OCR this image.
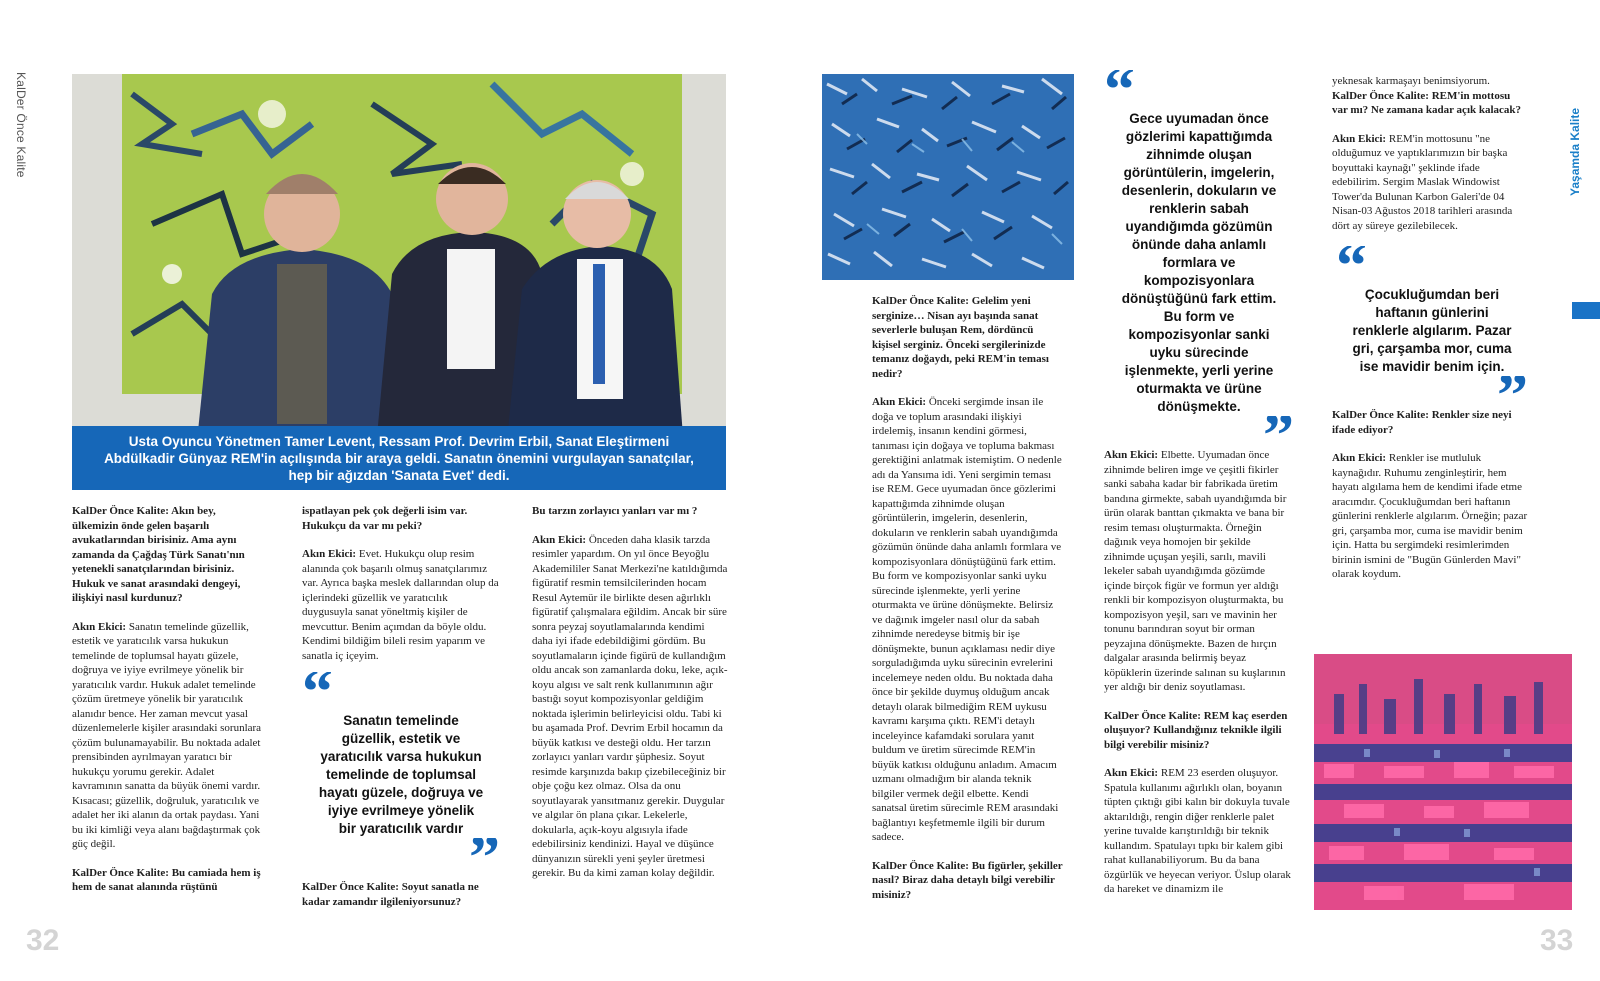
KalDer Önce Kalite	Yaşamda Kalite
Usta Oyuncu Yönetmen Tamer Levent, Ressam Prof. Devrim Erbil, Sanat Eleştirmeni Abdülkadir Günyaz REM'in açılışında bir araya geldi. Sanatın önemini vurgulayan sanatçılar, hep bir ağızdan 'Sanata Evet' dedi.

KalDer Önce Kalite: Akın bey, ülkemizin önde gelen başarılı avukatlarından birisiniz. Ama aynı zamanda da Çağdaş Türk Sanatı'nın yetenekli sanatçılarından birisiniz. Hukuk ve sanat arasındaki dengeyi, ilişkiyi nasıl kurdunuz?

Akın Ekici: Sanatın temelinde güzellik, estetik ve yaratıcılık varsa hukukun temelinde de toplumsal hayatı güzele, doğruya ve iyiye evrilmeye yönelik bir yaratıcılık vardır. Hukuk adalet temelinde çözüm üretmeye yönelik bir yaratıcılık alanıdır bence. Her zaman mevcut yasal düzenlemelerle kişiler arasındaki sorunlara çözüm bulunamayabilir. Bu noktada adalet prensibinden ayrılmayan yaratıcı bir hukukçu yorumu gerekir. Adalet kavramının sanatta da büyük önemi vardır. Kısacası; güzellik, doğruluk, yaratıcılık ve adalet her iki alanın da ortak paydası. Yani bu iki kimliği veya alanı bağdaştırmak çok güç değil.

KalDer Önce Kalite: Bu camiada hem iş hem de sanat alanında rüştünü

ispatlayan pek çok değerli isim var. Hukukçu da var mı peki?

Akın Ekici: Evet. Hukukçu olup resim alanında çok başarılı olmuş sanatçılarımız var. Ayrıca başka meslek dallarından olup da içlerindeki güzellik ve yaratıcılık duygusuyla sanat yöneltmiş kişiler de mevcuttur. Benim açımdan da böyle oldu. Kendimi bildiğim bileli resim yaparım ve sanatla iç içeyim.

“ Sanatın temelinde güzellik, estetik ve yaratıcılık varsa hukukun temelinde de toplumsal hayatı güzele, doğruya ve iyiye evrilmeye yönelik bir yaratıcılık vardır ”

KalDer Önce Kalite: Soyut sanatla ne kadar zamandır ilgileniyorsunuz?

Bu tarzın zorlayıcı yanları var mı ?

Akın Ekici: Önceden daha klasik tarzda resimler yapardım. On yıl önce Beyoğlu Akademililer Sanat Merkezi'ne katıldığımda figüratif resmin temsilcilerinden hocam Resul Aytemür ile birlikte desen ağırlıklı figüratif çalışmalara eğildim. Ancak bir süre sonra peyzaj soyutlamalarında kendimi daha iyi ifade edebildiğimi gördüm. Bu soyutlamaların içinde figürü de kullandığım oldu ancak son zamanlarda doku, leke, açık-koyu algısı ve salt renk kullanımının ağır bastığı soyut kompozisyonlar geldiğim noktada işlerimin belirleyicisi oldu. Tabi ki bu aşamada Prof. Devrim Erbil hocamın da büyük katkısı ve desteği oldu. Her tarzın zorlayıcı yanları vardır şüphesiz. Soyut resimde karşınızda bakıp çizebileceğiniz bir obje çoğu kez olmaz. Olsa da onu soyutlayarak yansıtmanız gerekir. Duygular ve algılar ön plana çıkar. Lekelerle, dokularla, açık-koyu algısıyla ifade edebilirsiniz kendinizi. Hayal ve düşünce dünyanızın sürekli yeni şeyler üretmesi gerekir. Bu da kimi zaman kolay değildir.

KalDer Önce Kalite: Gelelim yeni serginize… Nisan ayı başında sanat severlerle buluşan Rem, dördüncü kişisel serginiz. Önceki sergilerinizde temanız doğaydı, peki REM'in teması nedir?

Akın Ekici: Önceki sergimde insan ile doğa ve toplum arasındaki ilişkiyi irdelemiş, insanın kendini görmesi, tanıması için doğaya ve topluma bakması gerektiğini anlatmak istemiştim. O nedenle adı da Yansıma idi. Yeni sergimin teması ise REM. Gece uyumadan önce gözlerimi kapattığımda zihnimde oluşan görüntülerin, imgelerin, desenlerin, dokuların ve renklerin sabah uyandığımda gözümün önünde daha anlamlı formlara ve kompozisyonlara dönüştüğünü fark ettim. Bu form ve kompozisyonlar sanki uyku sürecinde işlenmekte, yerli yerine oturmakta ve ürüne dönüşmekte. Belirsiz ve dağınık imgeler nasıl olur da sabah zihnimde neredeyse bitmiş bir işe dönüşmekte, bunun açıklaması nedir diye sorguladığımda uyku sürecinin evrelerini incelemeye neden oldu. Bu noktada daha önce bir şekilde duymuş olduğum ancak detaylı olarak bilmediğim REM uykusu kavramı karşıma çıktı. REM'i detaylı inceleyince kafamdaki sorulara yanıt buldum ve üretim sürecimde REM'in büyük katkısı olduğunu anladım. Amacım uzmanı olmadığım bir alanda teknik bilgiler vermek değil elbette. Kendi sanatsal üretim sürecimle REM arasındaki bağlantıyı keşfetmemle ilgili bir durum sadece.

KalDer Önce Kalite: Bu figürler, şekiller nasıl? Biraz daha detaylı bilgi verebilir misiniz?

“
Gece uyumadan önce gözlerimi kapattığımda zihnimde oluşan görüntülerin, imgelerin, desenlerin, dokuların ve renklerin sabah uyandığımda gözümün önünde daha anlamlı formlara ve kompozisyonlara dönüştüğünü fark ettim. Bu form ve kompozisyonlar sanki uyku sürecinde işlenmekte, yerli yerine oturmakta ve ürüne dönüşmekte. ”

Akın Ekici: Elbette. Uyumadan önce zihnimde beliren imge ve çeşitli fikirler sanki sabaha kadar bir fabrikada üretim bandına girmekte, sabah uyandığımda bir ürün olarak banttan çıkmakta ve bana bir resim teması oluşturmakta. Örneğin dağınık veya homojen bir şekilde zihnimde uçuşan yeşili, sarılı, mavili lekeler sabah uyandığımda gözümde içinde birçok figür ve formun yer aldığı renkli bir kompozisyon oluşturmakta, bu kompozisyon yeşil, sarı ve mavinin her tonunu barındıran soyut bir orman peyzajına dönüşmekte. Bazen de hırçın dalgalar arasında belirmiş beyaz köpüklerin üzerinde salınan su kuşlarının yer aldığı bir deniz soyutlaması.

KalDer Önce Kalite: REM kaç eserden oluşuyor? Kullandığınız teknikle ilgili bilgi verebilir misiniz?

Akın Ekici: REM 23 eserden oluşuyor. Spatula kullanımı ağırlıklı olan, boyanın tüpten çıktığı gibi kalın bir dokuyla tuvale aktarıldığı, rengin diğer renklerle palet yerine tuvalde karıştırıldığı bir teknik kullandım. Spatulayı tıpkı bir kalem gibi rahat kullanabiliyorum. Bu da bana özgürlük ve heyecan veriyor. Üslup olarak da hareket ve dinamizm ile

yeknesak karmaşayı benimsiyorum.

KalDer Önce Kalite: REM'in mottosu var mı? Ne zamana kadar açık kalacak?

Akın Ekici: REM'in mottosunu "ne olduğumuz ve yaptıklarımızın bir başka boyuttaki kaynağı" şeklinde ifade edebilirim. Sergim Maslak Windowist Tower'da Bulunan Karbon Galeri'de 04 Nisan-03 Ağustos 2018 tarihleri arasında dört ay süreye gezilebilecek.

“
Çocukluğumdan beri haftanın günlerini renklerle algılarım. Pazar gri, çarşamba mor, cuma ise mavidir benim için.
”

KalDer Önce Kalite: Renkler size neyi ifade ediyor?

Akın Ekici: Renkler ise mutluluk kaynağıdır. Ruhumu zenginleştirir, hem hayatı algılama hem de kendimi ifade etme aracımdır. Çocukluğumdan beri haftanın günlerini renklerle algılarım. Örneğin; pazar gri, çarşamba mor, cuma ise mavidir benim için. Hatta bu sergimdeki resimlerimden birinin ismini de "Bugün Günlerden Mavi" olarak koydum.

32	33
